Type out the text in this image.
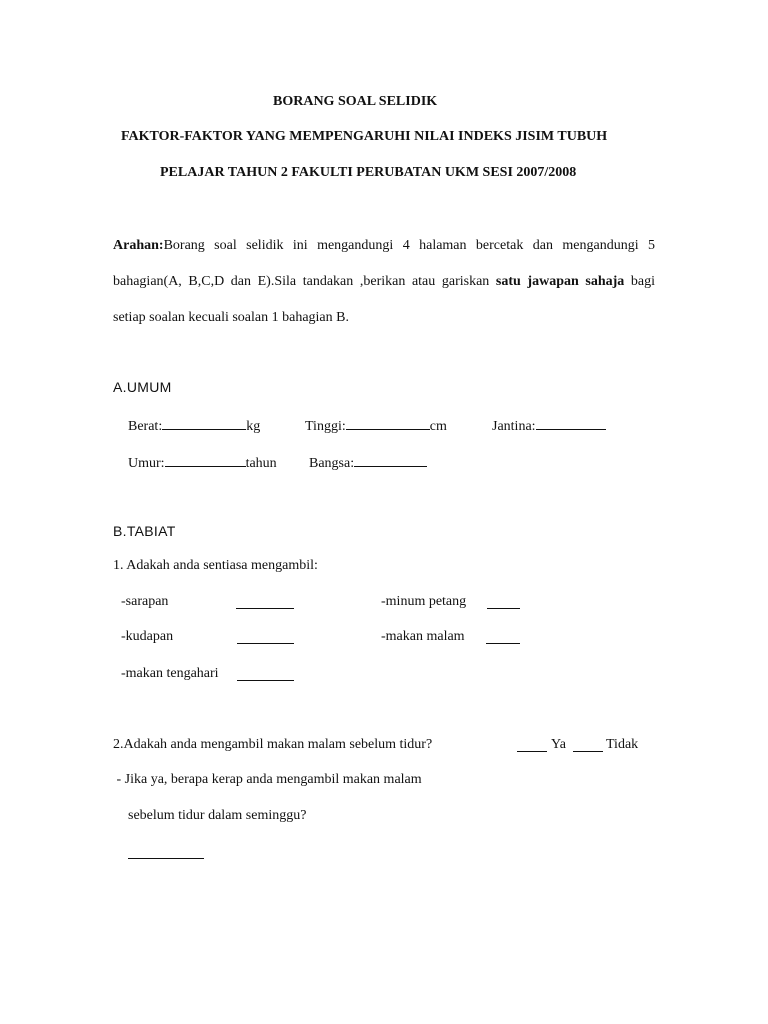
BORANG SOAL SELIDIK
FAKTOR-FAKTOR YANG MEMPENGARUHI NILAI INDEKS JISIM TUBUH
PELAJAR TAHUN 2 FAKULTI PERUBATAN UKM SESI 2007/2008
Arahan:Borang soal selidik ini mengandungi 4 halaman bercetak dan mengandungi 5 bahagian(A, B,C,D dan E).Sila tandakan ,berikan atau gariskan satu jawapan sahaja bagi setiap soalan kecuali soalan 1 bahagian B.
A.UMUM
Berat:	kg	Tinggi:	cm	Jantina:
Umur:	tahun Bangsa:
B.TABIAT
1. Adakah anda sentiasa mengambil:
-sarapan	-minum petang
-kudapan	-makan malam
-makan tengahari
2.Adakah anda mengambil makan malam sebelum tidur?	Ya	Tidak
- Jika ya, berapa kerap anda mengambil makan malam
sebelum tidur dalam seminggu?
